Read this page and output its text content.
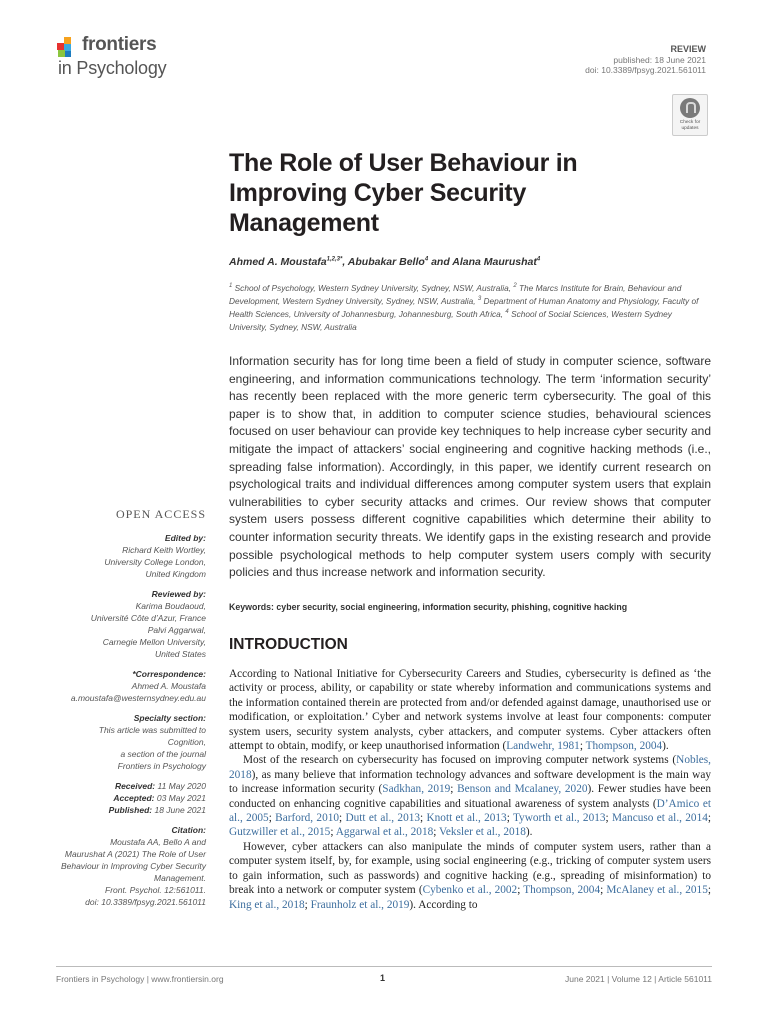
frontiers
in Psychology
REVIEW
published: 18 June 2021
doi: 10.3389/fpsyg.2021.561011
Check for updates
The Role of User Behaviour in Improving Cyber Security Management
Ahmed A. Moustafa$^{1,2,3*}$, Abubakar Bello$^4$ and Alana Maurushat$^4$
$^1$ School of Psychology, Western Sydney University, Sydney, NSW, Australia, $^2$ The Marcs Institute for Brain, Behaviour and Development, Western Sydney University, Sydney, NSW, Australia, $^3$ Department of Human Anatomy and Physiology, Faculty of Health Sciences, University of Johannesburg, Johannesburg, South Africa, $^4$ School of Social Sciences, Western Sydney University, Sydney, NSW, Australia
Information security has for long time been a field of study in computer science, software engineering, and information communications technology. The term ‘information security’ has recently been replaced with the more generic term cybersecurity. The goal of this paper is to show that, in addition to computer science studies, behavioural sciences focused on user behaviour can provide key techniques to help increase cyber security and mitigate the impact of attackers’ social engineering and cognitive hacking methods (i.e., spreading false information). Accordingly, in this paper, we identify current research on psychological traits and individual differences among computer system users that explain vulnerabilities to cyber security attacks and crimes. Our review shows that computer system users possess different cognitive capabilities which determine their ability to counter information security threats. We identify gaps in the existing research and provide possible psychological methods to help computer system users comply with security policies and thus increase network and information security.
Keywords: cyber security, social engineering, information security, phishing, cognitive hacking
INTRODUCTION

According to National Initiative for Cybersecurity Careers and Studies, cybersecurity is defined as ‘the activity or process, ability, or capability or state whereby information and communications systems and the information contained therein are protected from and/or defended against damage, unauthorised use or modification, or exploitation.’ Cyber and network systems involve at least four components: computer system users, security system analysts, cyber attackers, and computer systems. Cyber attackers often attempt to obtain, modify, or keep unauthorised information (Landwehr, 1981; Thompson, 2004).

Most of the research on cybersecurity has focused on improving computer network systems (Nobles, 2018), as many believe that information technology advances and software development is the main way to increase information security (Sadkhan, 2019; Benson and Mcalaney, 2020). Fewer studies have been conducted on enhancing cognitive capabilities and situational awareness of system analysts (D’Amico et al., 2005; Barford, 2010; Dutt et al., 2013; Knott et al., 2013; Tyworth et al., 2013; Mancuso et al., 2014; Gutzwiller et al., 2015; Aggarwal et al., 2018; Veksler et al., 2018).

However, cyber attackers can also manipulate the minds of computer system users, rather than a computer system itself, by, for example, using social engineering (e.g., tricking of computer system users to gain information, such as passwords) and cognitive hacking (e.g., spreading of misinformation) to break into a network or computer system (Cybenko et al., 2002; Thompson, 2004; McAlaney et al., 2015; King et al., 2018; Fraunholz et al., 2019). According to

OPEN ACCESS
Edited by:
Richard Keith Wortley,
University College London,
United Kingdom
Reviewed by:
Karima Boudaoud,
Université Côte d’Azur, France
Palvi Aggarwal,
Carnegie Mellon University,
United States
*Correspondence:
Ahmed A. Moustafa
a.moustafa@westernsydney.edu.au
Specialty section:
This article was submitted to
Cognition,
a section of the journal
Frontiers in Psychology
Received: 11 May 2020
Accepted: 03 May 2021
Published: 18 June 2021
Citation:
Moustafa AA, Bello A and
Maurushat A (2021) The Role of User
Behaviour in Improving Cyber Security
Management.
Front. Psychol. 12:561011.
doi: 10.3389/fpsyg.2021.561011
Frontiers in Psychology | www.frontiersin.org	1	June 2021 | Volume 12 | Article 561011
